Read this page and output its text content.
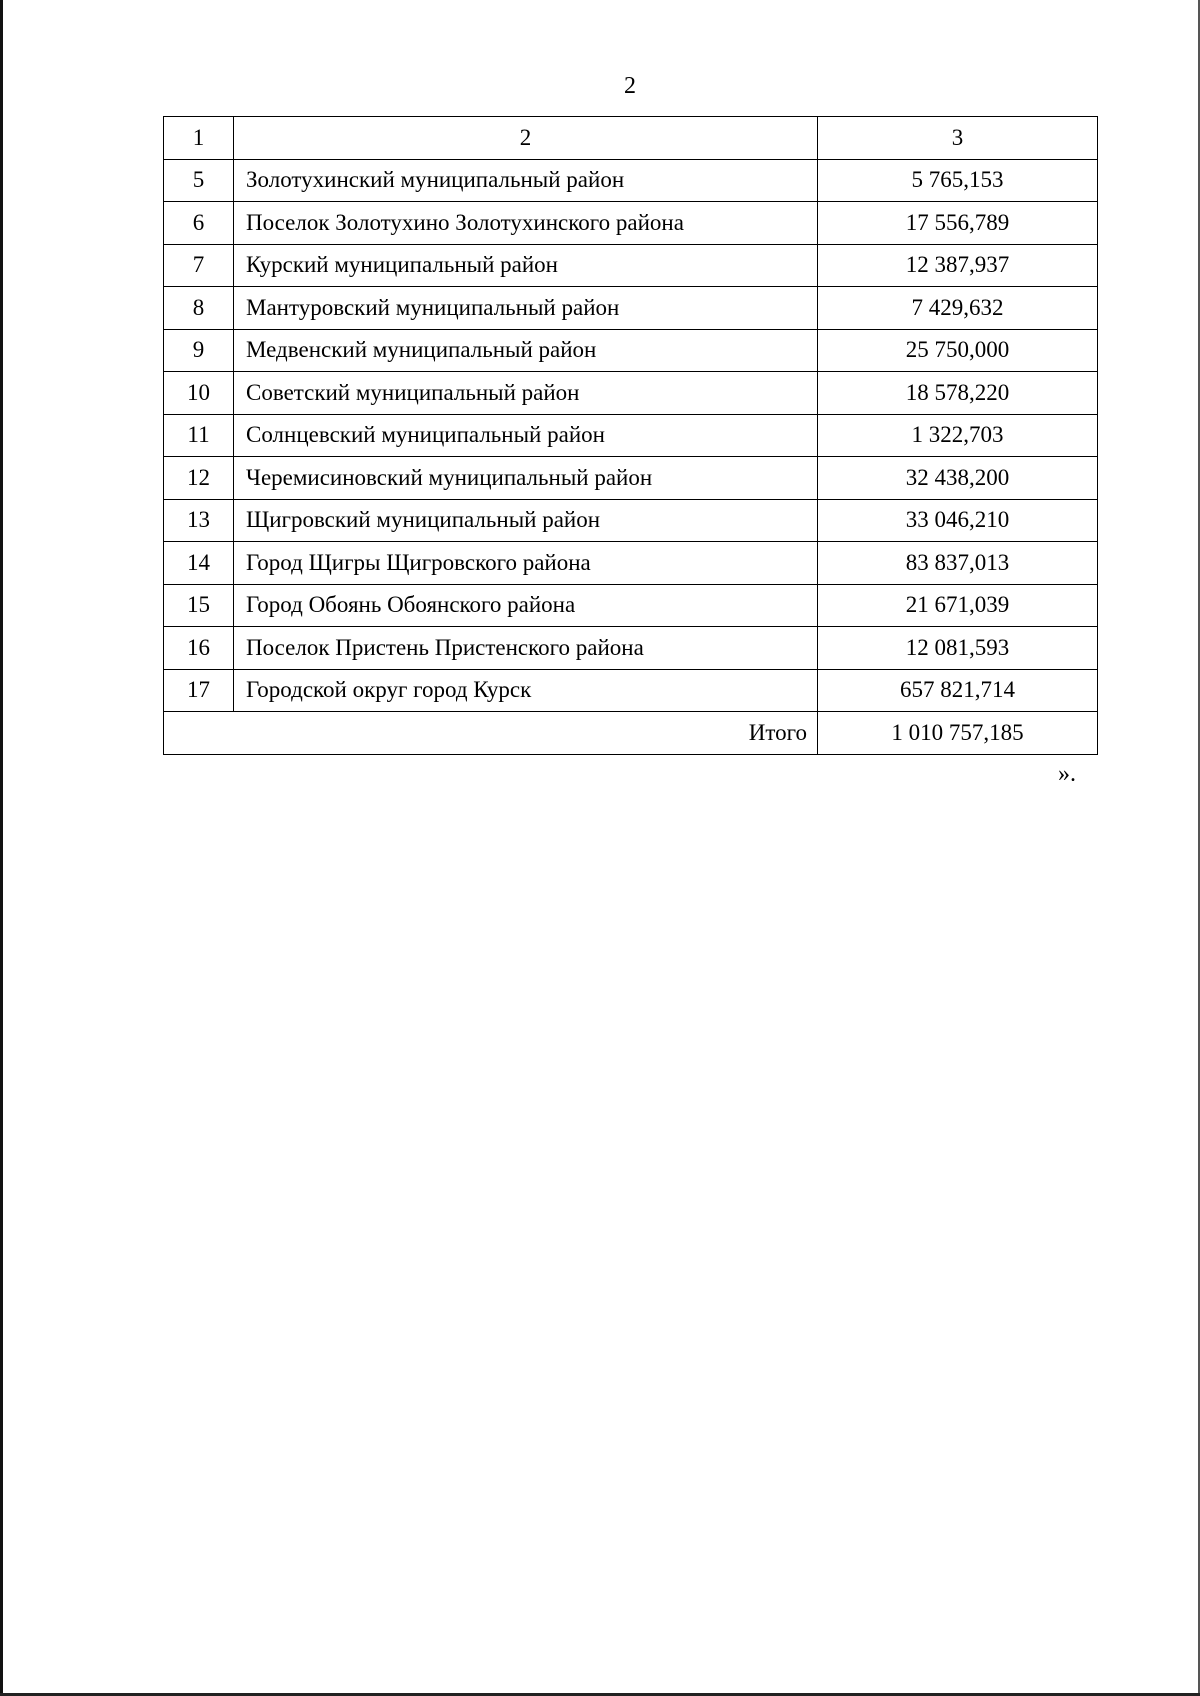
2
1	2	3
5	Золотухинский муниципальный район	5 765,153
6	Поселок Золотухино Золотухинского района	17 556,789
7	Курский муниципальный район	12 387,937
8	Мантуровский муниципальный район	7 429,632
9	Медвенский муниципальный район	25 750,000
10	Советский муниципальный район	18 578,220
11	Солнцевский муниципальный район	1 322,703
12	Черемисиновский муниципальный район	32 438,200
13	Щигровский муниципальный район	33 046,210
14	Город Щигры Щигровского района	83 837,013
15	Город Обоянь Обоянского района	21 671,039
16	Поселок Пристень Пристенского района	12 081,593
17	Городской округ город Курск	657 821,714
Итого		1 010 757,185
».
